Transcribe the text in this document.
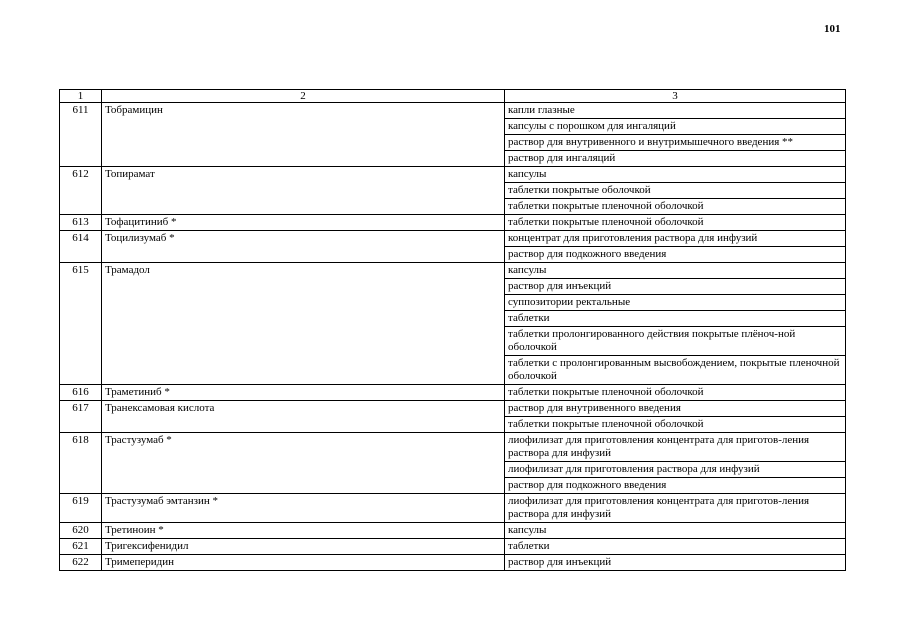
101
1	2	3
611	Тобрамицин	капли глазные
		капсулы с порошком для ингаляций
		раствор для внутривенного и внутримышечного введения **
		раствор для ингаляций
612	Топирамат	капсулы
		таблетки покрытые оболочкой
		таблетки покрытые пленочной оболочкой
613	Тофацитиниб *	таблетки покрытые пленочной оболочкой
614	Тоцилизумаб *	концентрат для приготовления раствора для инфузий
		раствор для подкожного введения
615	Трамадол	капсулы
		раствор для инъекций
		суппозитории ректальные
		таблетки
		таблетки пролонгированного действия покрытые плёноч-ной оболочкой
		таблетки с пролонгированным высвобождением, покрытые пленочной оболочкой
616	Траметиниб *	таблетки покрытые пленочной оболочкой
617	Транексамовая кислота	раствор для внутривенного введения
		таблетки покрытые пленочной оболочкой
618	Трастузумаб *	лиофилизат для приготовления концентрата для приготов-ления раствора для инфузий
		лиофилизат для приготовления раствора для инфузий
		раствор для подкожного введения
619	Трастузумаб эмтанзин *	лиофилизат для приготовления концентрата для приготов-ления раствора для инфузий
620	Третиноин *	капсулы
621	Тригексифенидил	таблетки
622	Тримеперидин	раствор для инъекций
